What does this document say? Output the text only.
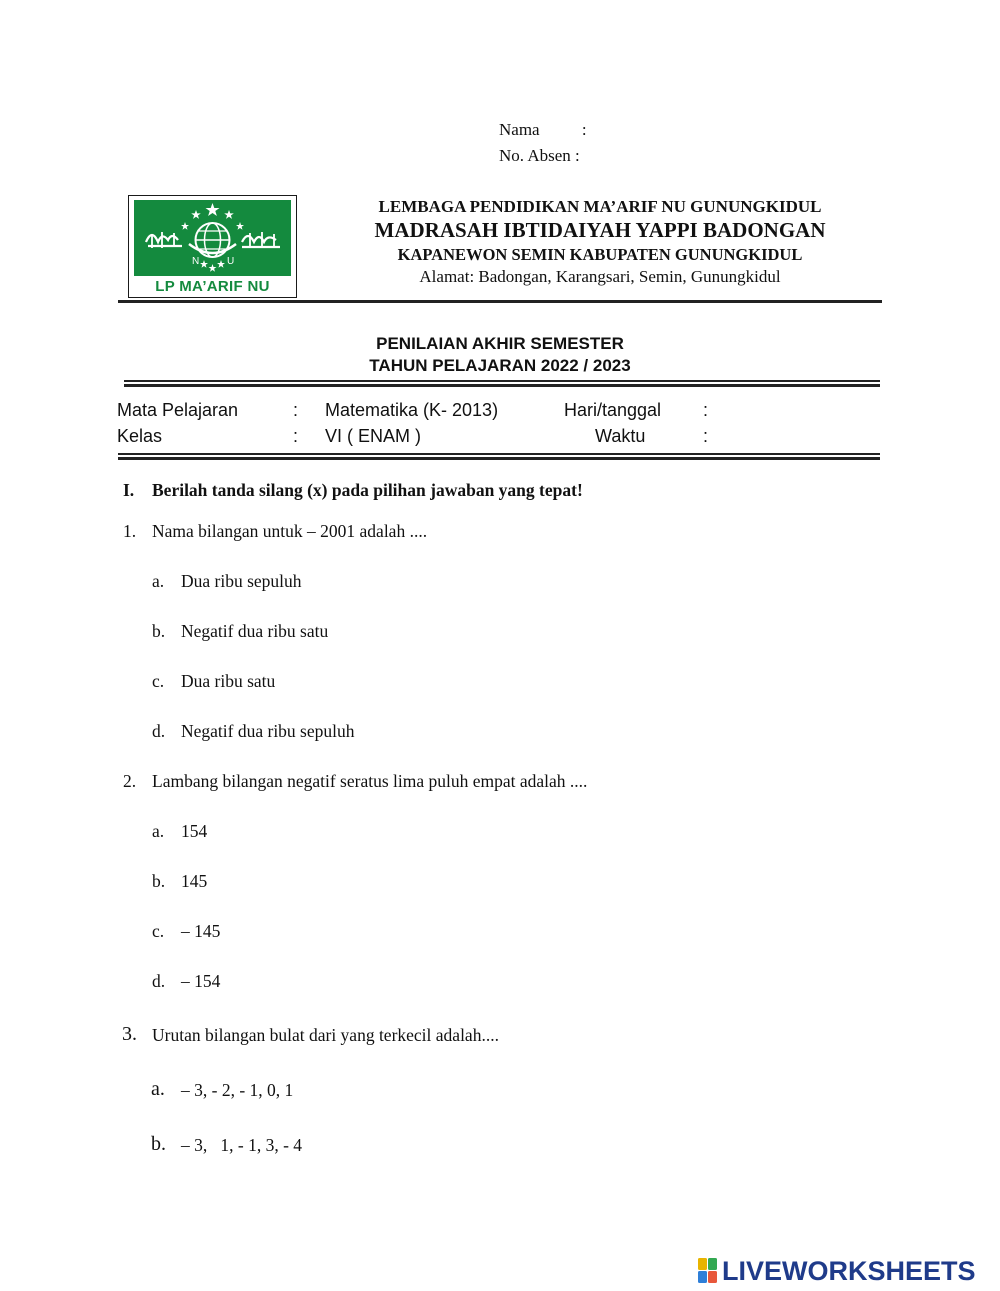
Nama :
No. Absen :
N	U
LP MA’ARIF NU
LEMBAGA PENDIDIKAN MA’ARIF NU GUNUNGKIDUL
MADRASAH IBTIDAIYAH YAPPI BADONGAN
KAPANEWON SEMIN KABUPATEN GUNUNGKIDUL
Alamat: Badongan, Karangsari, Semin, Gunungkidul
PENILAIAN AKHIR SEMESTER
TAHUN PELAJARAN 2022 / 2023
Mata Pelajaran	: Matematika (K- 2013)	Hari/tanggal :
Kelas	: VI ( ENAM )	Waktu	:
I. Berilah tanda silang (x) pada pilihan jawaban yang tepat!
1. Nama bilangan untuk – 2001 adalah ....
a. Dua ribu sepuluh
b. Negatif dua ribu satu
c. Dua ribu satu
d. Negatif dua ribu sepuluh
2. Lambang bilangan negatif seratus lima puluh empat adalah ....
a. 154
b. 145
c. – 145
d. – 154
3. Urutan bilangan bulat dari yang terkecil adalah....
a. – 3, - 2, - 1, 0, 1
b. – 3,   1, - 1, 3, - 4
LIVEWORKSHEETS
